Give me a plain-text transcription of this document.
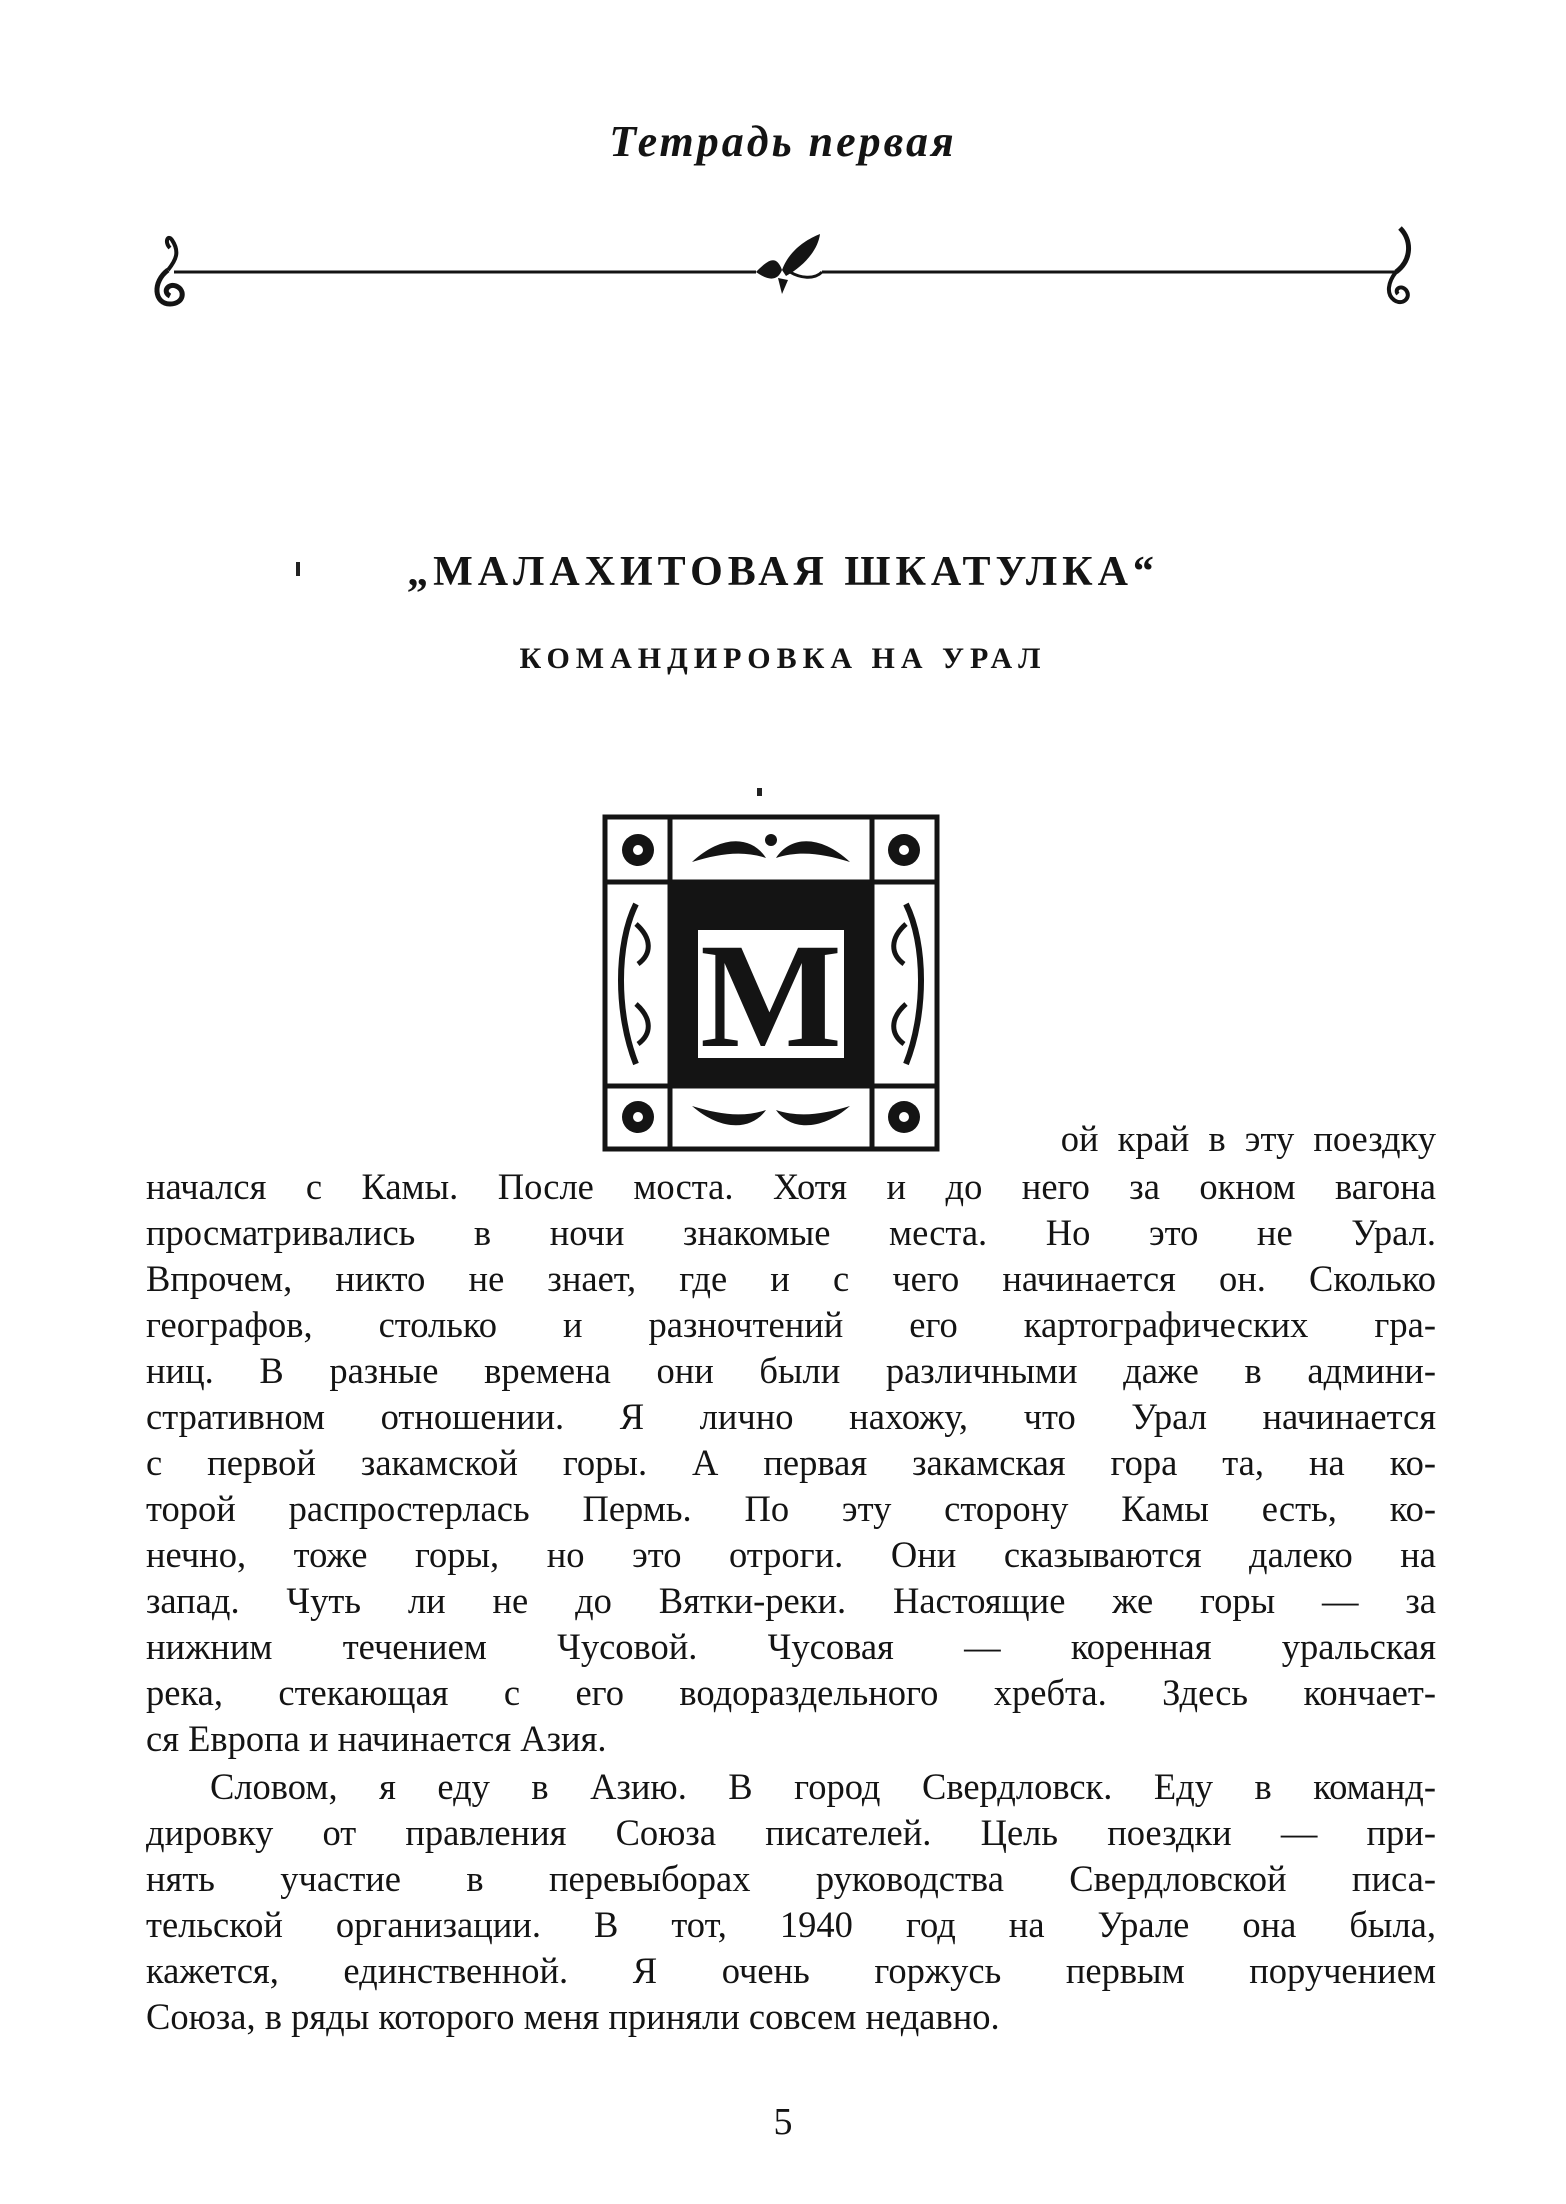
Тетрадь первая
„МАЛАХИТОВАЯ ШКАТУЛКА“
КОМАНДИРОВКА НА УРАЛ
М
ой край в эту поездку
начался с Камы. После моста. Хотя и до него за окном вагона
просматривались в ночи знакомые места. Но это не Урал.
Впрочем, никто не знает, где и с чего начинается он. Сколько
географов, столько и разночтений его картографических гра-
ниц. В разные времена они были различными даже в админи-
стративном отношении. Я лично нахожу, что Урал начинается
с первой закамской горы. А первая закамская гора та, на ко-
торой распростерлась Пермь. По эту сторону Камы есть, ко-
нечно, тоже горы, но это отроги. Они сказываются далеко на
запад. Чуть ли не до Вятки-реки. Настоящие же горы — за
нижним течением Чусовой. Чусовая — коренная уральская
река, стекающая с его водораздельного хребта. Здесь кончает-
ся Европа и начинается Азия.
Словом, я еду в Азию. В город Свердловск. Еду в команд-
дировку от правления Союза писателей. Цель поездки — при-
нять участие в перевыборах руководства Свердловской писа-
тельской организации. В тот, 1940 год на Урале она была,
кажется, единственной. Я очень горжусь первым поручением
Союза, в ряды которого меня приняли совсем недавно.
5
